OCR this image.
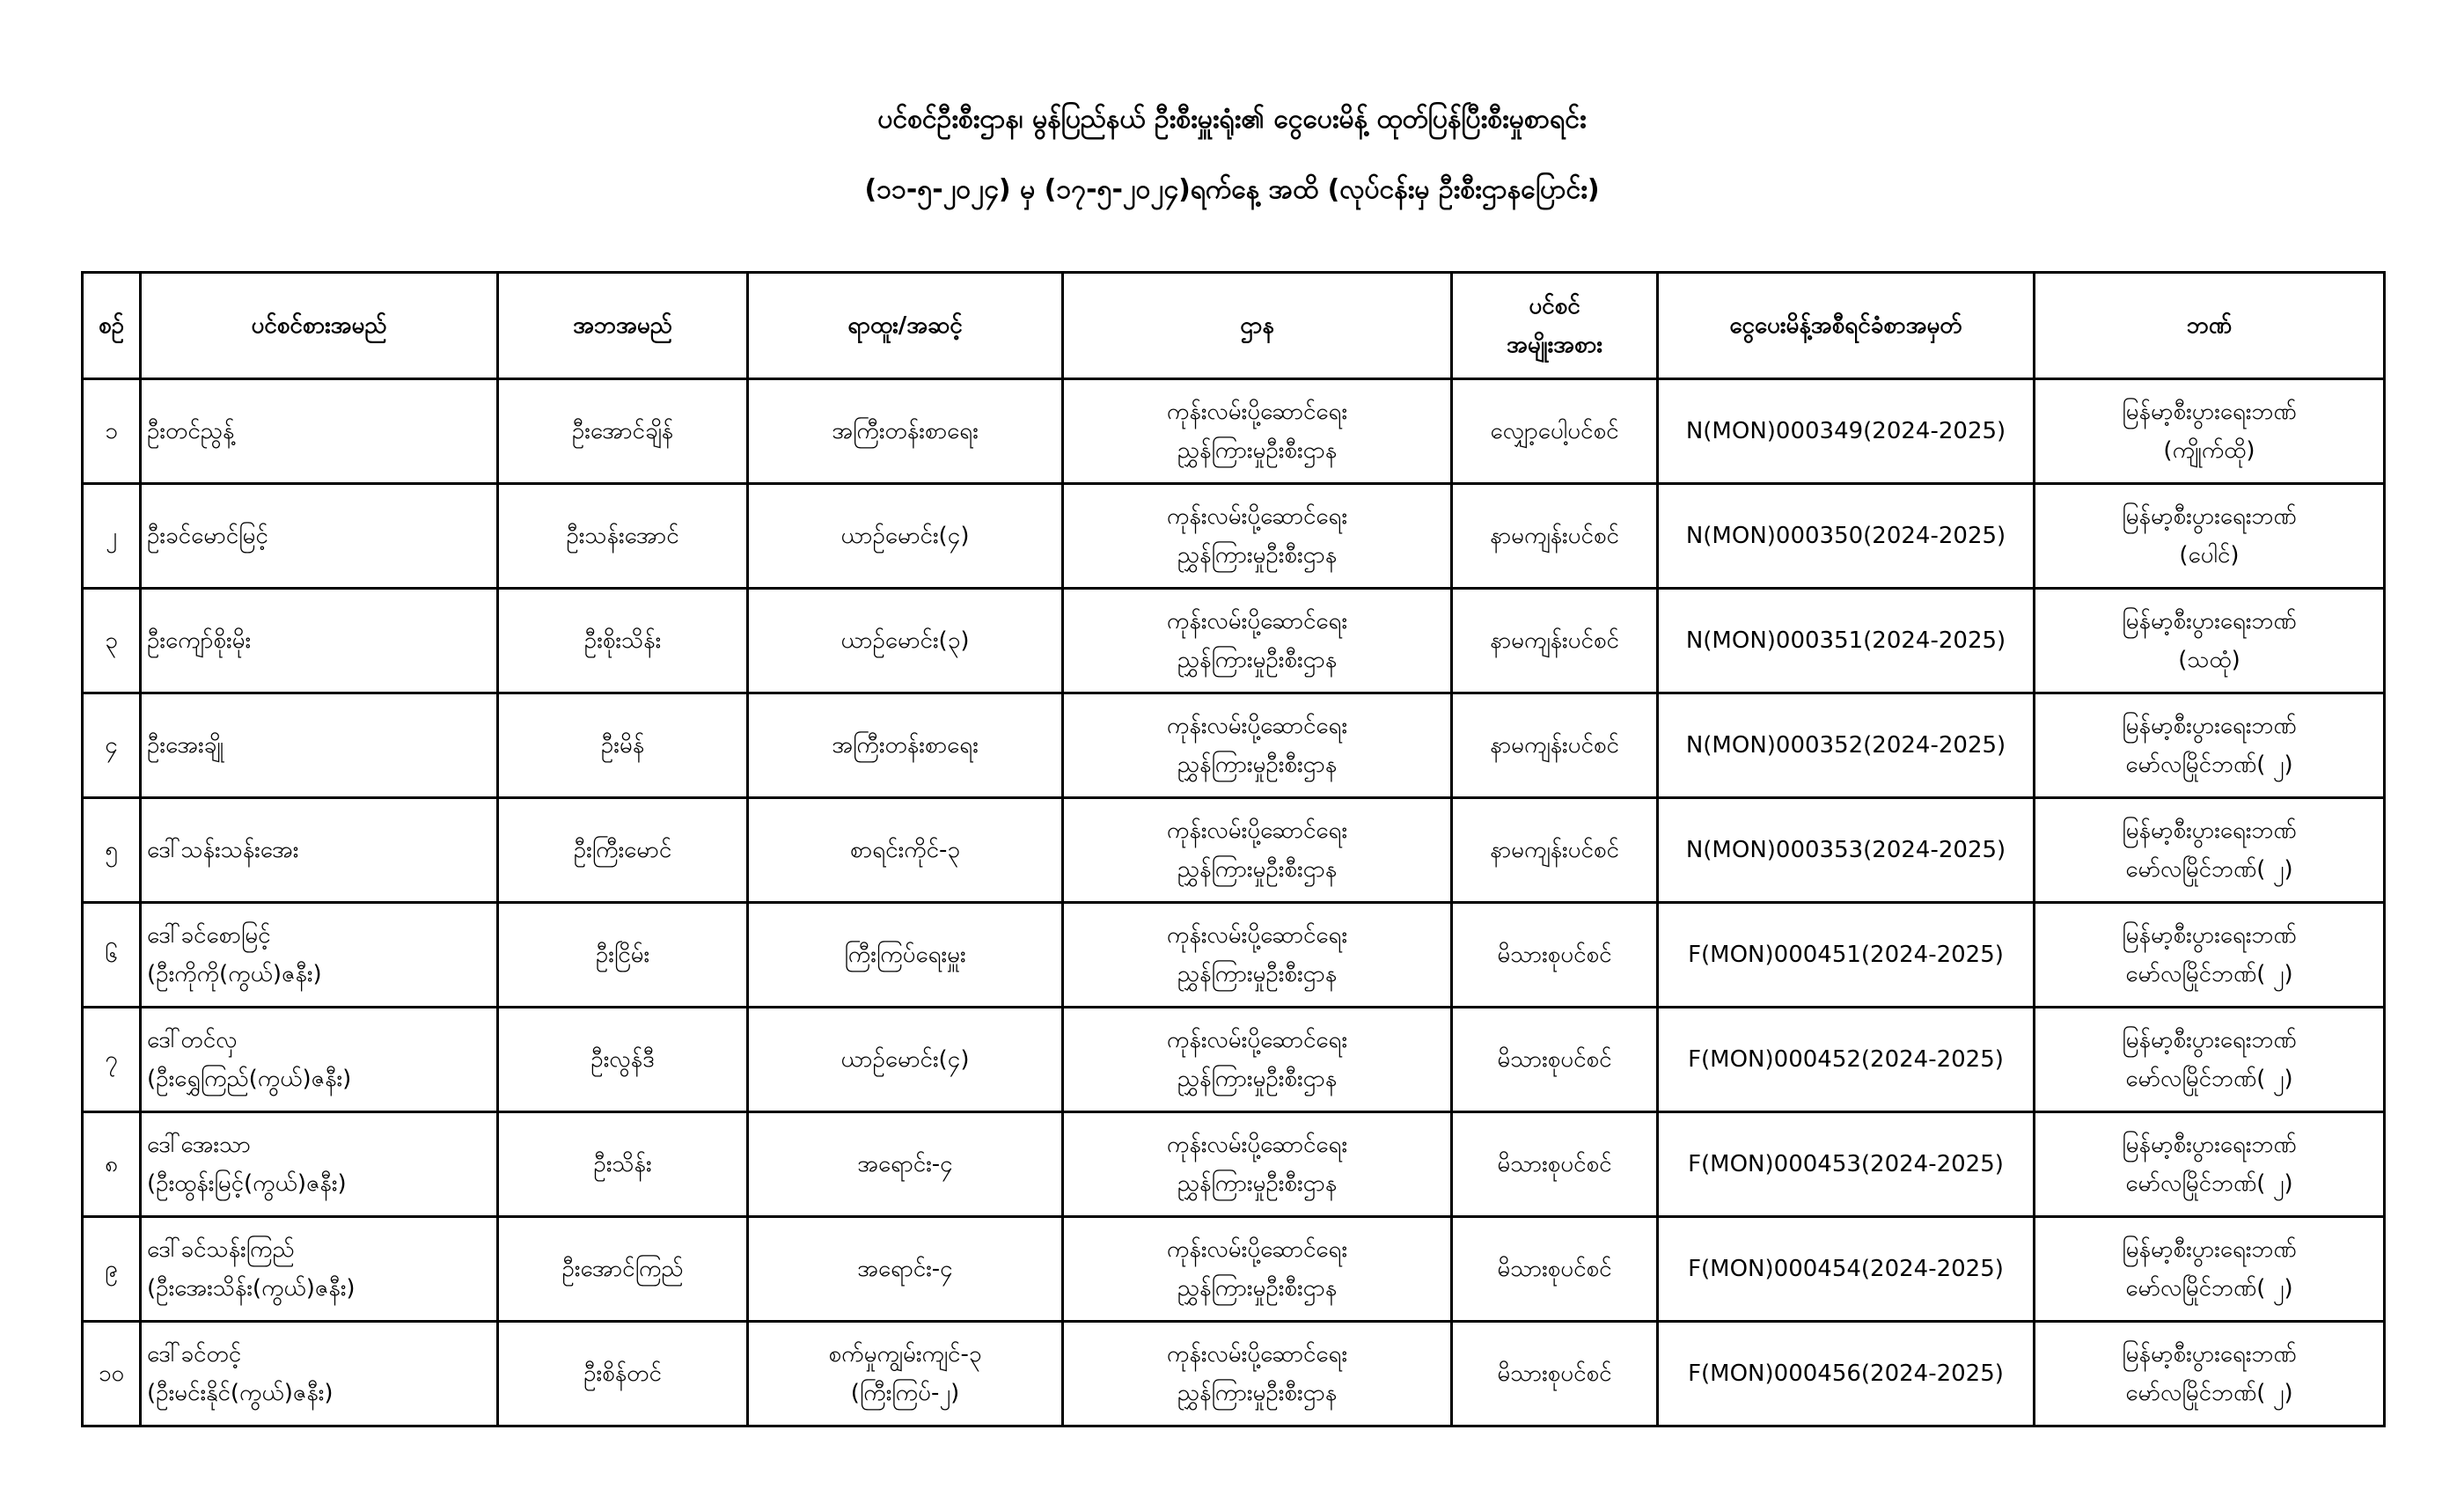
ပင်စင်ဦးစီးဌာန၊ မွန်ပြည်နယ် ဦးစီးမှူးရုံး၏ ငွေပေးမိန့် ထုတ်ပြန်ပြီးစီးမှုစာရင်း
(၁၁-၅-၂၀၂၄) မှ (၁၇-၅-၂၀၂၄)ရက်နေ့ အထိ (လုပ်ငန်းမှ ဦးစီးဌာနပြောင်း)
စဉ်	ပင်စင်စားအမည်	အဘအမည်	ရာထူး/အဆင့်	ဌာန	ပင်စင်
အမျိုးအစား	ငွေပေးမိန့်အစီရင်ခံစာအမှတ်	ဘဏ်
၁	ဦးတင်ညွန့်	ဦးအောင်ချိန်	အကြီးတန်းစာရေး	ကုန်းလမ်းပို့ဆောင်ရေး
ညွှန်ကြားမှုဦးစီးဌာန	လျှော့ပေါ့ပင်စင်	N(MON)000349(2024-2025)	မြန်မာ့စီးပွားရေးဘဏ်
(ကျိုက်ထို)

၂	ဦးခင်မောင်မြင့်	ဦးသန်းအောင်	ယာဉ်မောင်း(၄)	ကုန်းလမ်းပို့ဆောင်ရေး
ညွှန်ကြားမှုဦးစီးဌာန	နာမကျန်းပင်စင်	N(MON)000350(2024-2025)	မြန်မာ့စီးပွားရေးဘဏ်
(ပေါင်)

၃	ဦးကျော်စိုးမိုး	ဦးစိုးသိန်း	ယာဉ်မောင်း(၃)	ကုန်းလမ်းပို့ဆောင်ရေး
ညွှန်ကြားမှုဦးစီးဌာန	နာမကျန်းပင်စင်	N(MON)000351(2024-2025)	မြန်မာ့စီးပွားရေးဘဏ်
(သထုံ)

၄	ဦးအေးချို	ဦးမိန်	အကြီးတန်းစာရေး	ကုန်းလမ်းပို့ဆောင်ရေး
ညွှန်ကြားမှုဦးစီးဌာန	နာမကျန်းပင်စင်	N(MON)000352(2024-2025)	မြန်မာ့စီးပွားရေးဘဏ်
မော်လမြိုင်ဘဏ်( ၂)

၅	ဒေါ်သန်းသန်းအေး	ဦးကြီးမောင်	စာရင်းကိုင်-၃	ကုန်းလမ်းပို့ဆောင်ရေး
ညွှန်ကြားမှုဦးစီးဌာန	နာမကျန်းပင်စင်	N(MON)000353(2024-2025)	မြန်မာ့စီးပွားရေးဘဏ်
မော်လမြိုင်ဘဏ်( ၂)

၆	ဒေါ်ခင်စောမြင့်
(ဦးကိုကို(ကွယ်)ဇနီး)	ဦးငြိမ်း	ကြီးကြပ်ရေးမှူး	ကုန်းလမ်းပို့ဆောင်ရေး
ညွှန်ကြားမှုဦးစီးဌာန	မိသားစုပင်စင်	F(MON)000451(2024-2025)	မြန်မာ့စီးပွားရေးဘဏ်
မော်လမြိုင်ဘဏ်( ၂)

၇	ဒေါ်တင်လှ
(ဦးရွှေကြည်(ကွယ်)ဇနီး)	ဦးလွန်ဒီ	ယာဉ်မောင်း(၄)	ကုန်းလမ်းပို့ဆောင်ရေး
ညွှန်ကြားမှုဦးစီးဌာန	မိသားစုပင်စင်	F(MON)000452(2024-2025)	မြန်မာ့စီးပွားရေးဘဏ်
မော်လမြိုင်ဘဏ်( ၂)

၈	ဒေါ်အေးသာ
(ဦးထွန်းမြင့်(ကွယ်)ဇနီး)	ဦးသိန်း	အရောင်း-၄	ကုန်းလမ်းပို့ဆောင်ရေး
ညွှန်ကြားမှုဦးစီးဌာန	မိသားစုပင်စင်	F(MON)000453(2024-2025)	မြန်မာ့စီးပွားရေးဘဏ်
မော်လမြိုင်ဘဏ်( ၂)

၉	ဒေါ်ခင်သန်းကြည်
(ဦးအေးသိန်း(ကွယ်)ဇနီး)	ဦးအောင်ကြည်	အရောင်း-၄	ကုန်းလမ်းပို့ဆောင်ရေး
ညွှန်ကြားမှုဦးစီးဌာန	မိသားစုပင်စင်	F(MON)000454(2024-2025)	မြန်မာ့စီးပွားရေးဘဏ်
မော်လမြိုင်ဘဏ်( ၂)

၁၀	ဒေါ်ခင်တင့်
(ဦးမင်းနိုင်(ကွယ်)ဇနီး)	ဦးစိန်တင်	စက်မှုကျွမ်းကျင်-၃
(ကြီးကြပ်-၂)	ကုန်းလမ်းပို့ဆောင်ရေး
ညွှန်ကြားမှုဦးစီးဌာန	မိသားစုပင်စင်	F(MON)000456(2024-2025)	မြန်မာ့စီးပွားရေးဘဏ်
မော်လမြိုင်ဘဏ်( ၂)
